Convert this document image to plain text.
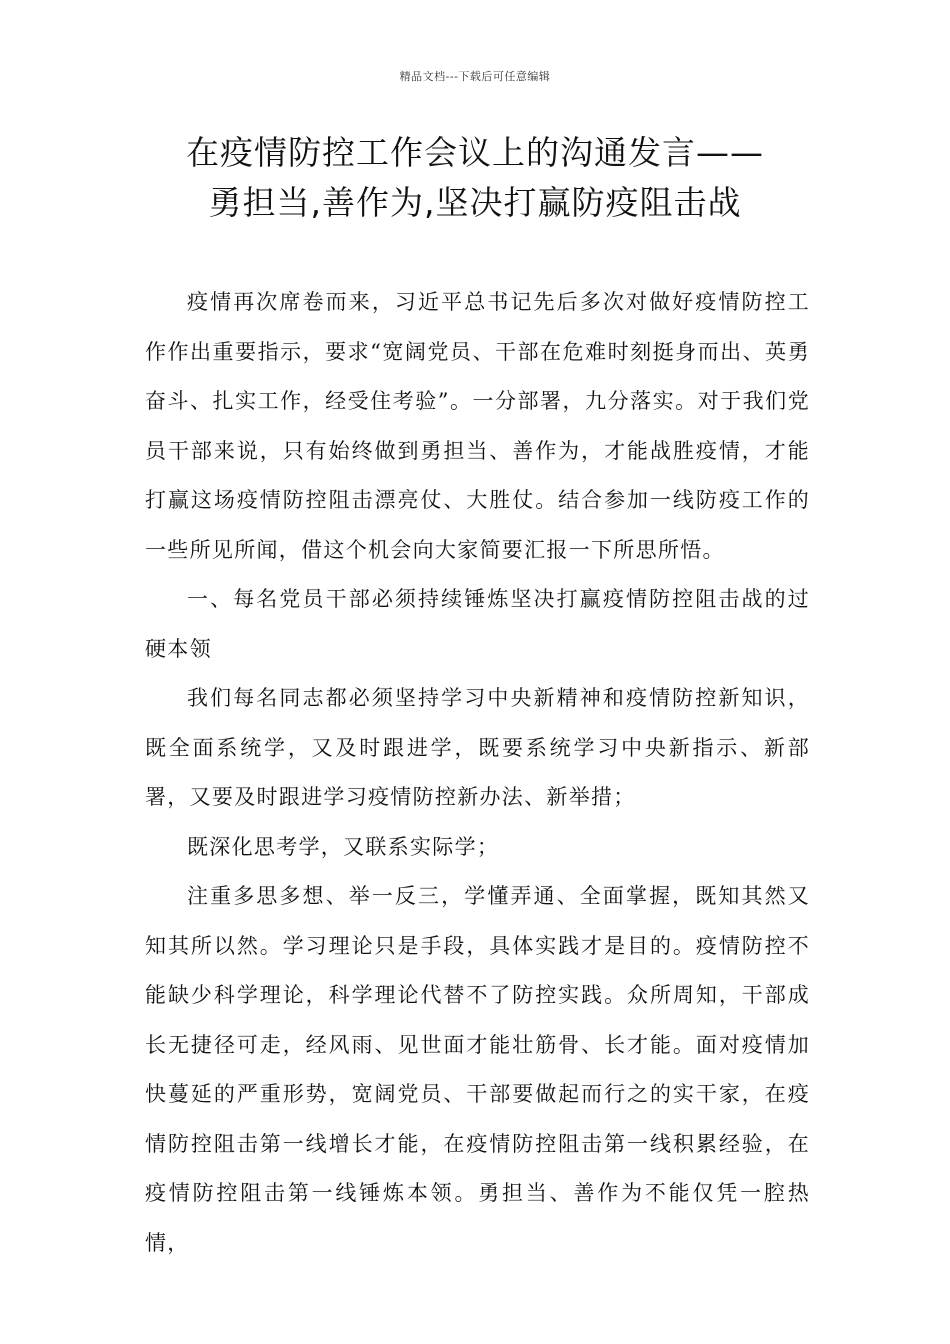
精品文档---下载后可任意编辑
在疫情防控工作会议上的沟通发言——
勇担当,善作为,坚决打赢防疫阻击战

疫情再次席卷而来，习近平总书记先后多次对做好疫情防控工作作出重要指示，要求“宽阔党员、干部在危难时刻挺身而出、英勇奋斗、扎实工作，经受住考验”。一分部署，九分落实。对于我们党员干部来说，只有始终做到勇担当、善作为，才能战胜疫情，才能打赢这场疫情防控阻击漂亮仗、大胜仗。结合参加一线防疫工作的一些所见所闻，借这个机会向大家简要汇报一下所思所悟。

一、每名党员干部必须持续锤炼坚决打赢疫情防控阻击战的过硬本领

我们每名同志都必须坚持学习中央新精神和疫情防控新知识，既全面系统学，又及时跟进学，既要系统学习中央新指示、新部署，又要及时跟进学习疫情防控新办法、新举措；

既深化思考学，又联系实际学；

注重多思多想、举一反三，学懂弄通、全面掌握，既知其然又知其所以然。学习理论只是手段，具体实践才是目的。疫情防控不能缺少科学理论，科学理论代替不了防控实践。众所周知，干部成长无捷径可走，经风雨、见世面才能壮筋骨、长才能。面对疫情加快蔓延的严重形势，宽阔党员、干部要做起而行之的实干家，在疫情防控阻击第一线增长才能，在疫情防控阻击第一线积累经验，在疫情防控阻击第一线锤炼本领。勇担当、善作为不能仅凭一腔热情，
